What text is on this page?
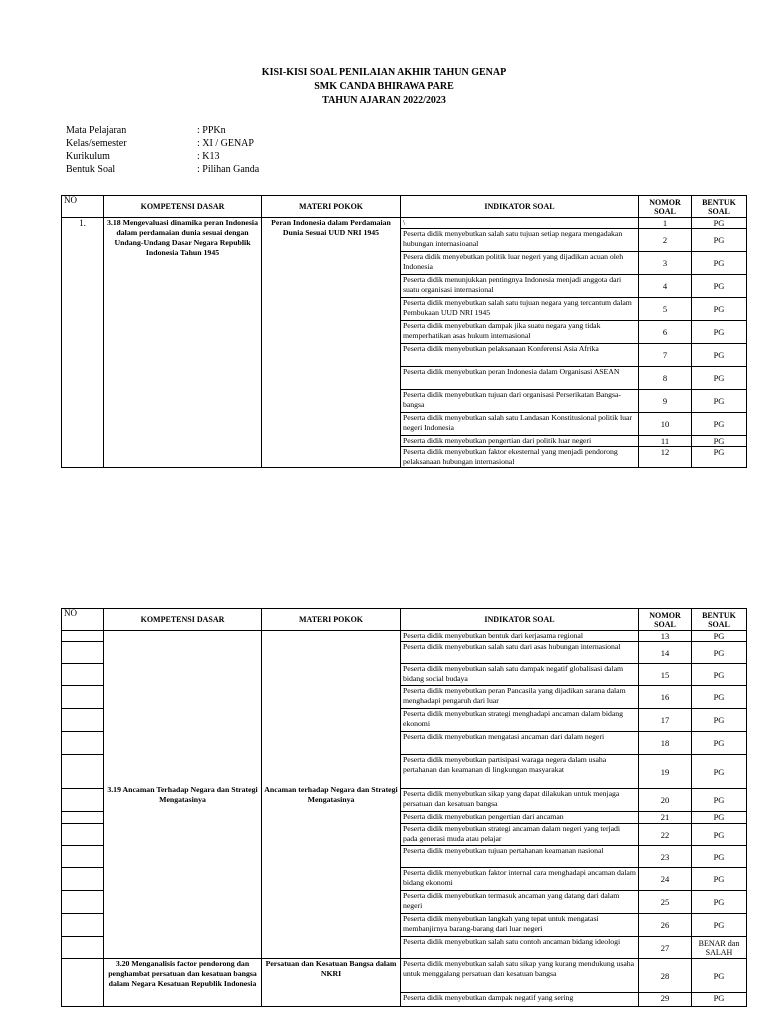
KISI-KISI SOAL PENILAIAN AKHIR TAHUN GENAP
SMK CANDA BHIRAWA PARE
TAHUN AJARAN 2022/2023
Mata Pelajaran	: PPKn
Kelas/semester	: XI / GENAP
Kurikulum	: K13
Bentuk Soal	: Pilihan Ganda
NO	KOMPETENSI DASAR	MATERI POKOK	INDIKATOR SOAL	NOMOR SOAL	BENTUK SOAL
1.	3.18 Mengevaluasi dinamika peran Indonesia dalam perdamaian dunia sesuai dengan Undang-Undang Dasar Negara Republik Indonesia Tahun 1945	Peran Indonesia dalam Perdamaian Dunia Sesuai UUD NRI 1945	\	1	PG
			Peserta didik menyebutkan salah satu tujuan setiap negara mengadakan hubungan internasioanal	2	PG
			Pesera didik menyebutkan politik luar negeri yang dijadikan acuan oleh Indonesia	3	PG
			Peserta didik menunjukkan pentingnya Indonesia menjadi anggota dari suatu organisasi internasional	4	PG
			Peserta didik menyebutkan salah satu tujuan negara yang tercantum dalam Pembukaan UUD NRI 1945	5	PG
			Peserta didik menyebutkan dampak jika suatu negara yang tidak memperhatikan asas hukum internasional	6	PG
			Peserta didik menyebutkan pelaksanaan Konferensi Asia Afrika	7	PG
			Peserta didik menyebutkan peran Indonesia dalam Organisasi ASEAN	8	PG
			Peserta didik menyebutkan tujuan dari organisasi Perserikatan Bangsa-bangsa	9	PG
			Peserta didik menyebutkan salah satu Landasan Konstitusional politik luar negeri Indonesia	10	PG
			Peserta didik menyebutkan pengertian dari politik luar negeri	11	PG
			Peserta didik menyebutkan faktor ekesternal yang menjadi pendorong pelaksanaan hubungan internasional	12	PG
NO	KOMPETENSI DASAR	MATERI POKOK	INDIKATOR SOAL	NOMOR SOAL	BENTUK SOAL
	3.19 Ancaman Terhadap Negara dan Strategi Mengatasinya	Ancaman terhadap Negara dan Strategi Mengatasinya	Peserta didik menyebutkan bentuk dari kerjasama regional	13	PG
			Peserta didik menyebutkan salah satu dari asas hubungan internasional	14	PG
			Peserta didik menyebutkan salah satu dampak negatif globalisasi dalam bidang social budaya	15	PG
			Peserta didik menyebutkan peran Pancasila yang dijadikan sarana dalam menghadapi pengaruh dari luar	16	PG
			Peserta didik menyebutkan strategi menghadapi ancaman dalam bidang ekonomi	17	PG
			Peserta didik menyebutkan mengatasi ancaman dari dalam negeri	18	PG
			Peserta didik menyebutkan partisipasi waraga negera dalam usaha pertahanan dan keamanan di lingkungan masyarakat	19	PG
			Peserta didik menyebutkan sikap yang dapat dilakukan untuk menjaga persatuan dan kesatuan bangsa	20	PG
			Peserta didik menyebutkan pengertian dari ancaman	21	PG
			Peserta didik menyebutkan strategi ancaman dalam negeri yang terjadi pada generasi muda atau pelajar	22	PG
			Peserta didik menyebutkan tujuan pertahanan keamanan nasional	23	PG
			Peserta didik menyebutkan faktor internal cara menghadapi ancaman dalam bidang ekonomi	24	PG
			Peserta didik menyebutkan termasuk ancaman yang datang dari dalam negeri	25	PG
			Peserta didik menyebutkan langkah yang tepat untuk mengatasi membanjirnya barang-barang dari luar negeri	26	PG
			Peserta didik menyebutkan salah satu contoh ancaman bidang ideologi	27	BENAR dan SALAH
	3.20 Menganalisis factor pendorong dan penghambat persatuan dan kesatuan bangsa dalam Negara Kesatuan Republik Indonesia	Persatuan dan Kesatuan Bangsa dalam NKRI	Peserta didik menyebutkan salah satu sikap yang kurang mendukung usaha untuk menggalang persatuan dan kesatuan bangsa	28	PG
			Peserta didik menyebutkan dampak negatif yang sering	29	PG
